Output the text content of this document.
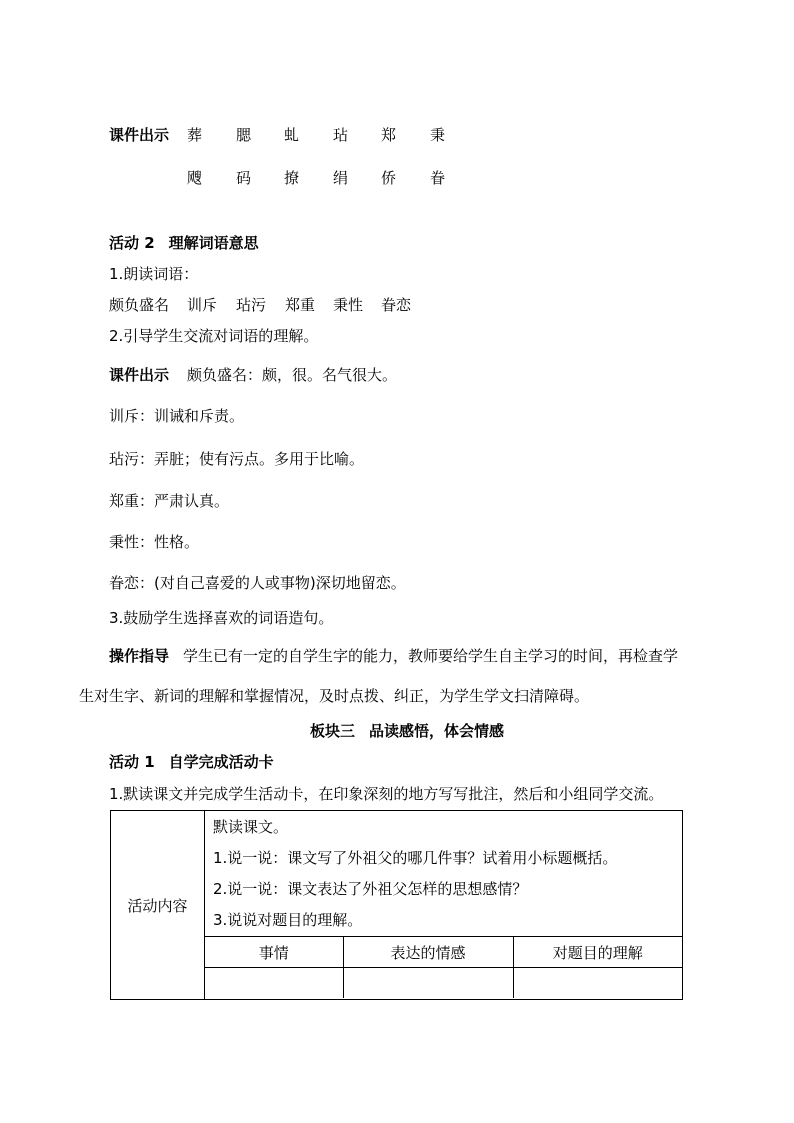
课件出示 葬 腮 虬 玷 郑 秉
飕 码 撩 绢 侨 眷
活动 2 理解词语意思
1.朗读词语：
颇负盛名 训斥 玷污 郑重 秉性 眷恋
2.引导学生交流对词语的理解。
课件出示 颇负盛名：颇，很。名气很大。
训斥：训诫和斥责。
玷污：弄脏；使有污点。多用于比喻。
郑重：严肃认真。
秉性：性格。
眷恋：(对自己喜爱的人或事物)深切地留恋。
3.鼓励学生选择喜欢的词语造句。
操作指导 学生已有一定的自学生字的能力，教师要给学生自主学习的时间，再检查学
生对生字、新词的理解和掌握情况，及时点拨、纠正，为学生学文扫清障碍。
板块三 品读感悟，体会情感
活动 1 自学完成活动卡
1.默读课文并完成学生活动卡，在印象深刻的地方写写批注，然后和小组同学交流。
活动内容	
默读课文。
1.说一说：课文写了外祖父的哪几件事？试着用小标题概括。
2.说一说：课文表达了外祖父怎样的思想感情？
3.说说对题目的理解。
事情	表达的情感	对题目的理解
